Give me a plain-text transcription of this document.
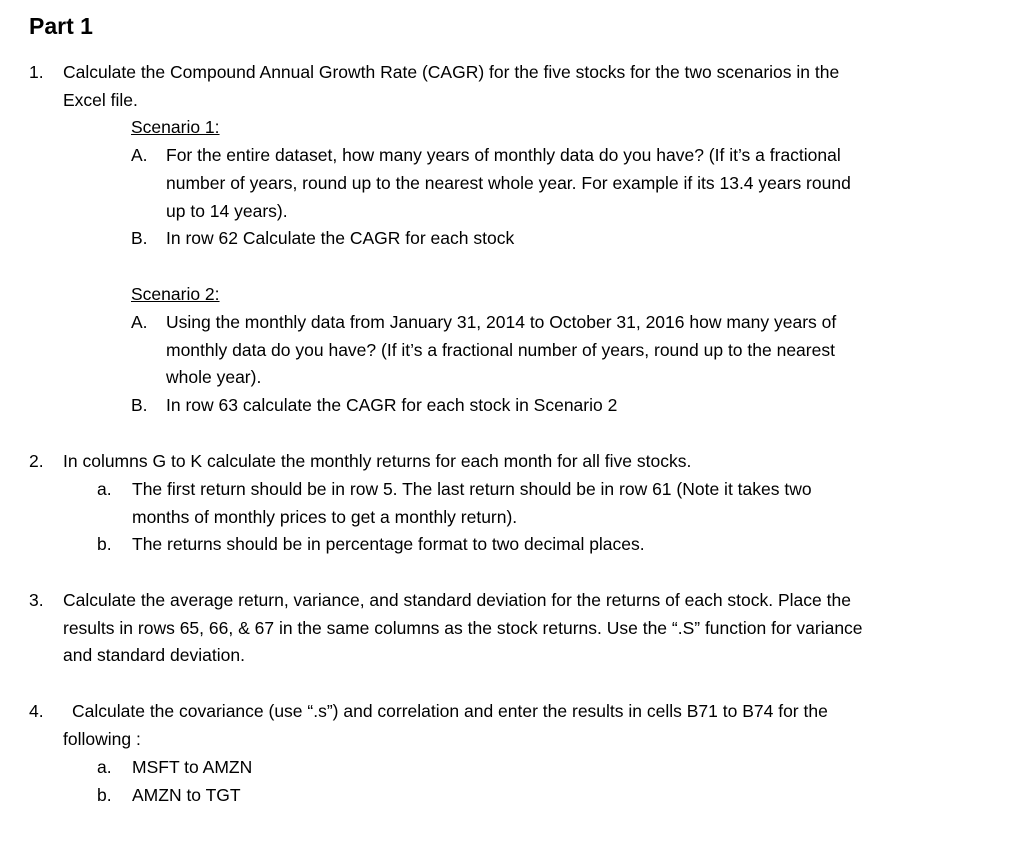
Part 1
1. Calculate the Compound Annual Growth Rate (CAGR) for the five stocks for the two scenarios in the
Excel file.
Scenario 1:
A. For the entire dataset, how many years of monthly data do you have? (If it’s a fractional
number of years, round up to the nearest whole year. For example if its 13.4 years round
up to 14 years).
B. In row 62 Calculate the CAGR for each stock
Scenario 2:
A. Using the monthly data from January 31, 2014 to October 31, 2016 how many years of
monthly data do you have? (If it’s a fractional number of years, round up to the nearest
whole year).
B. In row 63 calculate the CAGR for each stock in Scenario 2
2. In columns G to K calculate the monthly returns for each month for all five stocks.
a. The first return should be in row 5. The last return should be in row 61 (Note it takes two
months of monthly prices to get a monthly return).
b. The returns should be in percentage format to two decimal places.
3. Calculate the average return, variance, and standard deviation for the returns of each stock. Place the
results in rows 65, 66, & 67 in the same columns as the stock returns. Use the “.S” function for variance
and standard deviation.
4. Calculate the covariance (use “.s”) and correlation and enter the results in cells B71 to B74 for the
following :
a. MSFT to AMZN
b. AMZN to TGT
